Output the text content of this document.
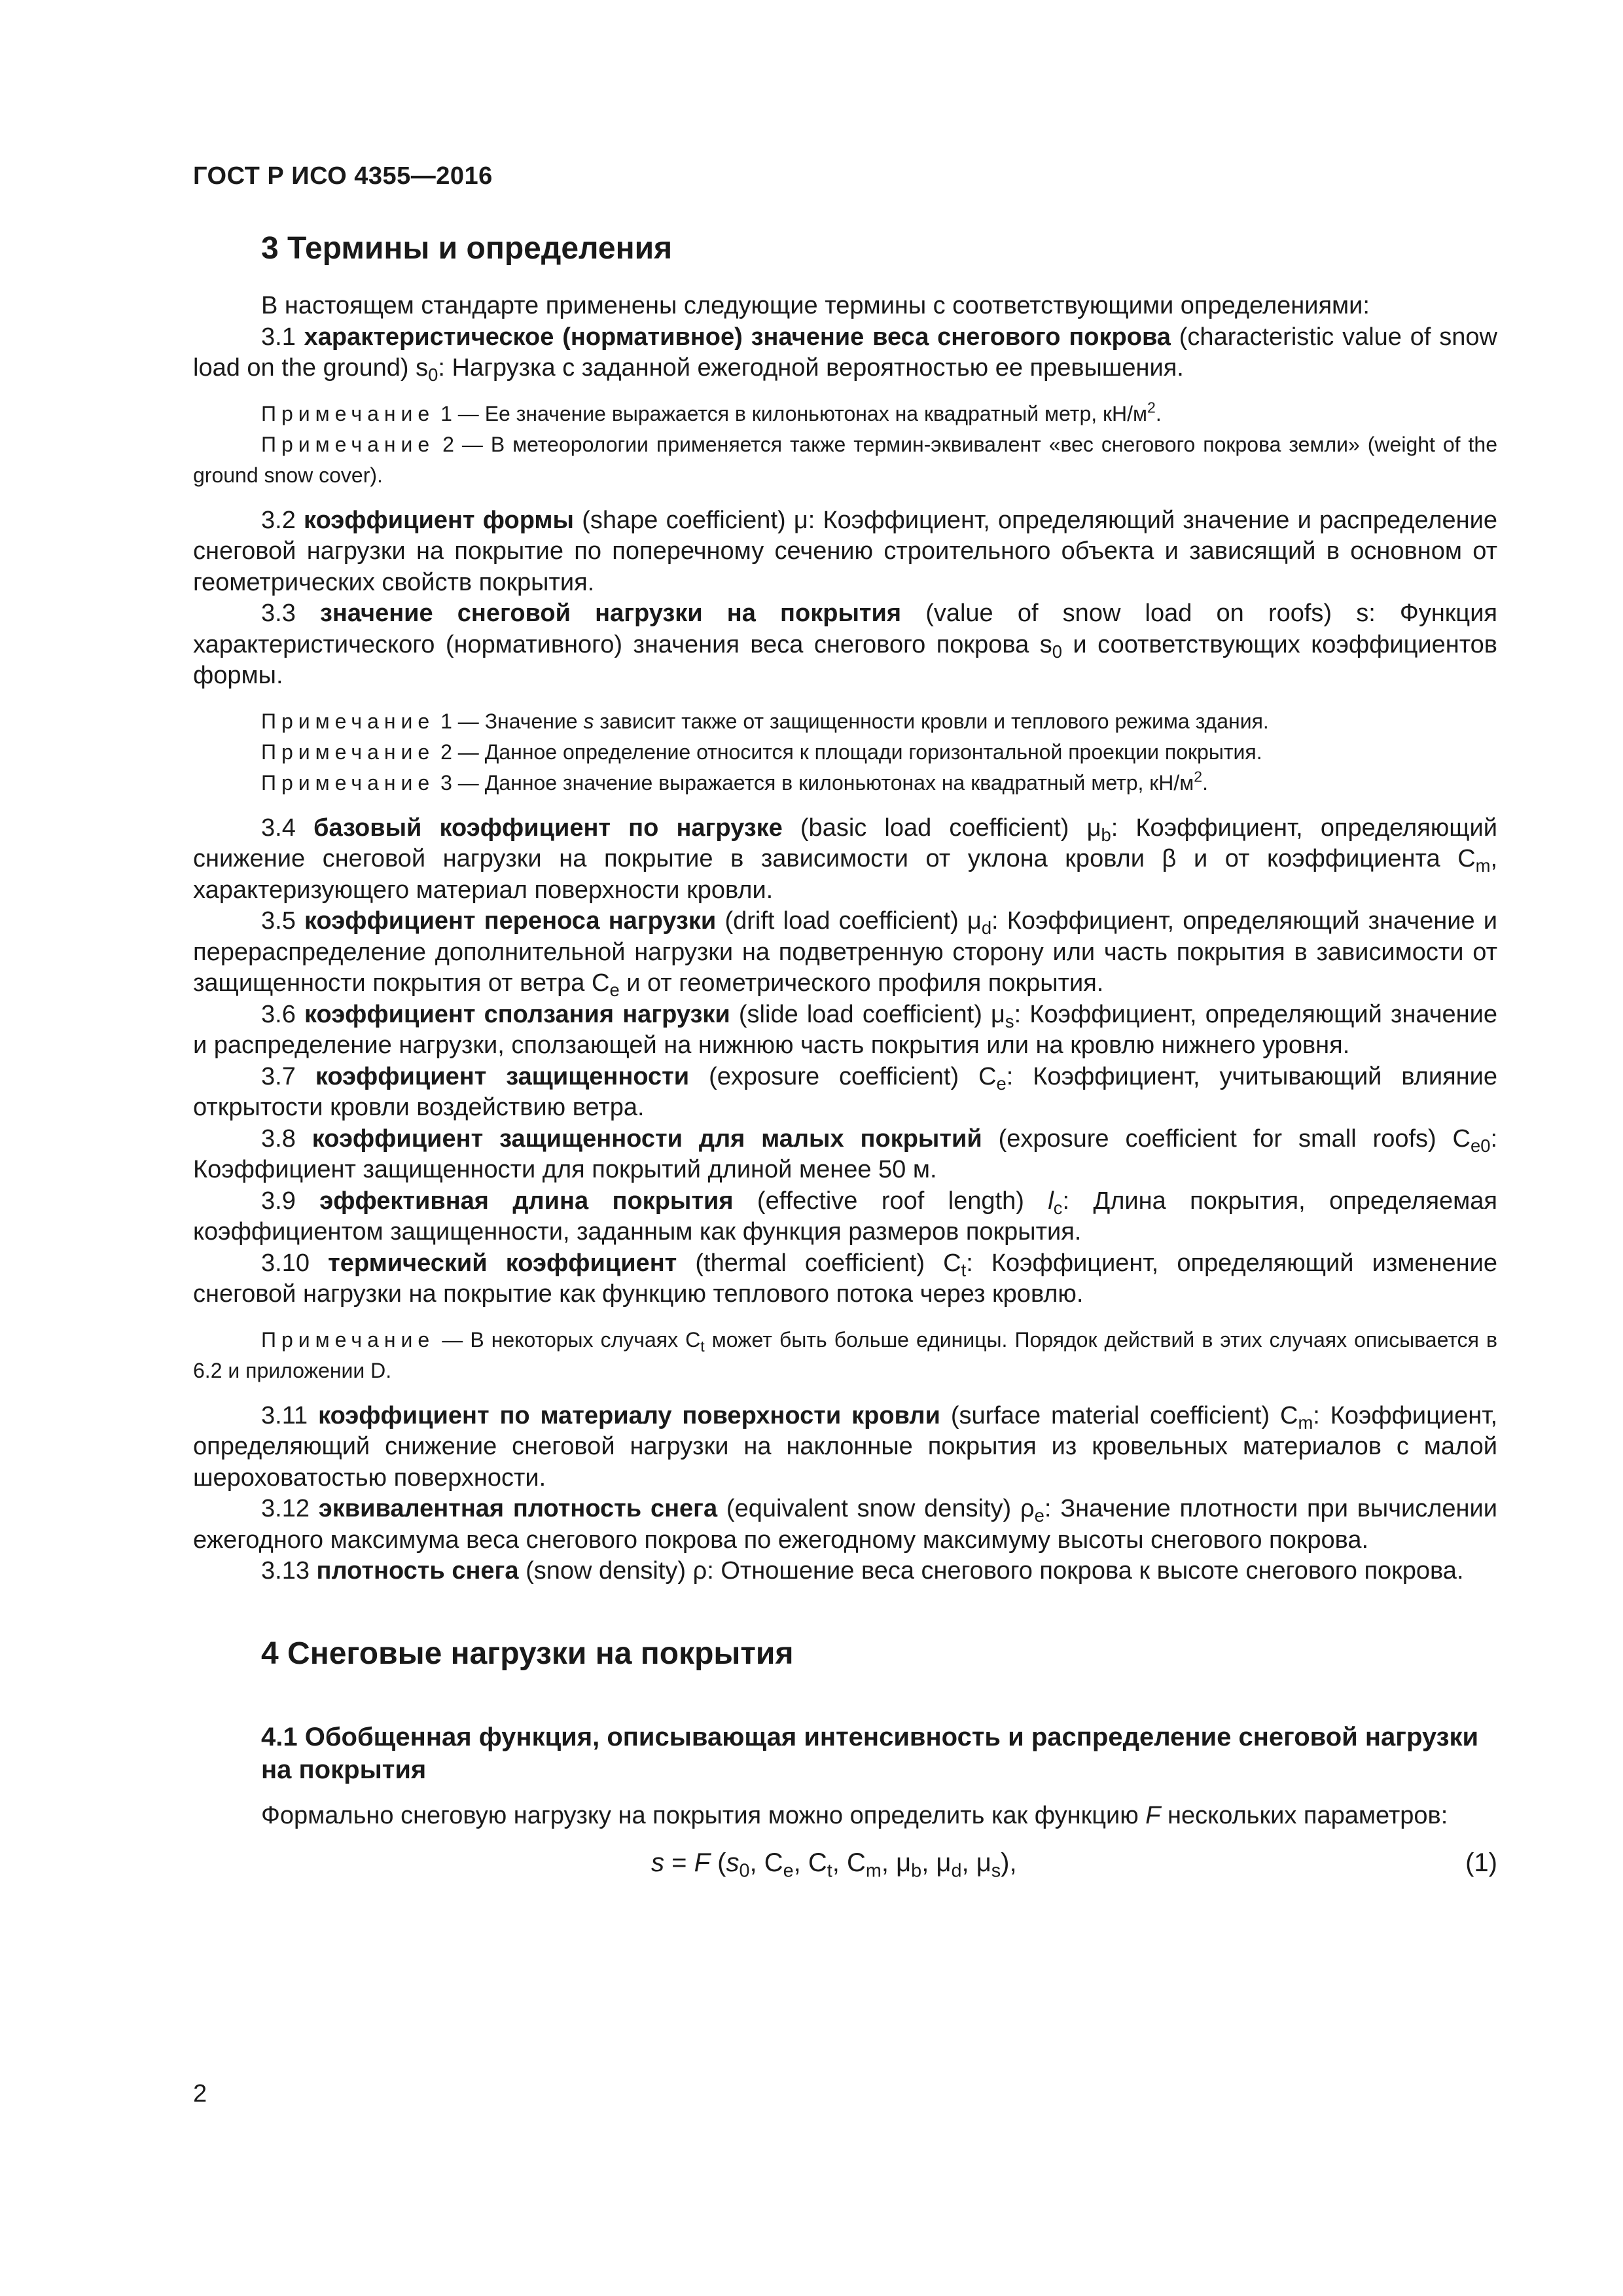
ГОСТ Р ИСО 4355—2016
3 Термины и определения

В настоящем стандарте применены следующие термины с соответствующими определениями:

3.1 характеристическое (нормативное) значение веса снегового покрова (characteristic value of snow load on the ground) $s_0$: Нагрузка с заданной ежегодной вероятностью ее превышения.

Примечание 1 — Ее значение выражается в килоньютонах на квадратный метр, $кН/м^2$.

Примечание 2 — В метеорологии применяется также термин-эквивалент «вес снегового покрова земли» (weight of the ground snow cover).

3.2 коэффициент формы (shape coefficient) μ: Коэффициент, определяющий значение и распределение снеговой нагрузки на покрытие по поперечному сечению строительного объекта и зависящий в основном от геометрических свойств покрытия.

3.3 значение снеговой нагрузки на покрытия (value of snow load on roofs) s: Функция характеристического (нормативного) значения веса снегового покрова $s_0$ и соответствующих коэффициентов формы.

Примечание 1 — Значение s зависит также от защищенности кровли и теплового режима здания.

Примечание 2 — Данное определение относится к площади горизонтальной проекции покрытия.

Примечание 3 — Данное значение выражается в килоньютонах на квадратный метр, $кН/м^2$.

3.4 базовый коэффициент по нагрузке (basic load coefficient) $\mu_b$: Коэффициент, определяющий снижение снеговой нагрузки на покрытие в зависимости от уклона кровли β и от коэффициента $C_m$, характеризующего материал поверхности кровли.

3.5 коэффициент переноса нагрузки (drift load coefficient) $\mu_d$: Коэффициент, определяющий значение и перераспределение дополнительной нагрузки на подветренную сторону или часть покрытия в зависимости от защищенности покрытия от ветра $C_e$ и от геометрического профиля покрытия.

3.6 коэффициент сползания нагрузки (slide load coefficient) $\mu_s$: Коэффициент, определяющий значение и распределение нагрузки, сползающей на нижнюю часть покрытия или на кровлю нижнего уровня.

3.7 коэффициент защищенности (exposure coefficient) $C_e$: Коэффициент, учитывающий влияние открытости кровли воздействию ветра.

3.8 коэффициент защищенности для малых покрытий (exposure coefficient for small roofs) $C_{e0}$: Коэффициент защищенности для покрытий длиной менее 50 м.

3.9 эффективная длина покрытия (effective roof length) $l_c$: Длина покрытия, определяемая коэффициентом защищенности, заданным как функция размеров покрытия.

3.10 термический коэффициент (thermal coefficient) $C_t$: Коэффициент, определяющий изменение снеговой нагрузки на покрытие как функцию теплового потока через кровлю.

Примечание — В некоторых случаях $C_t$ может быть больше единицы. Порядок действий в этих случаях описывается в 6.2 и приложении D.

3.11 коэффициент по материалу поверхности кровли (surface material coefficient) $C_m$: Коэффициент, определяющий снижение снеговой нагрузки на наклонные покрытия из кровельных материалов с малой шероховатостью поверхности.

3.12 эквивалентная плотность снега (equivalent snow density) $\rho_e$: Значение плотности при вычислении ежегодного максимума веса снегового покрова по ежегодному максимуму высоты снегового покрова.

3.13 плотность снега (snow density) ρ: Отношение веса снегового покрова к высоте снегового покрова.

4 Снеговые нагрузки на покрытия
4.1 Обобщенная функция, описывающая интенсивность и распределение снеговой нагрузки на покрытия

Формально снеговую нагрузку на покрытия можно определить как функцию F нескольких параметров:

s = F ($s_0$, $C_e$, $C_t$, $C_m$, $\mu_b$, $\mu_d$, $\mu_s$),	(1)
2
